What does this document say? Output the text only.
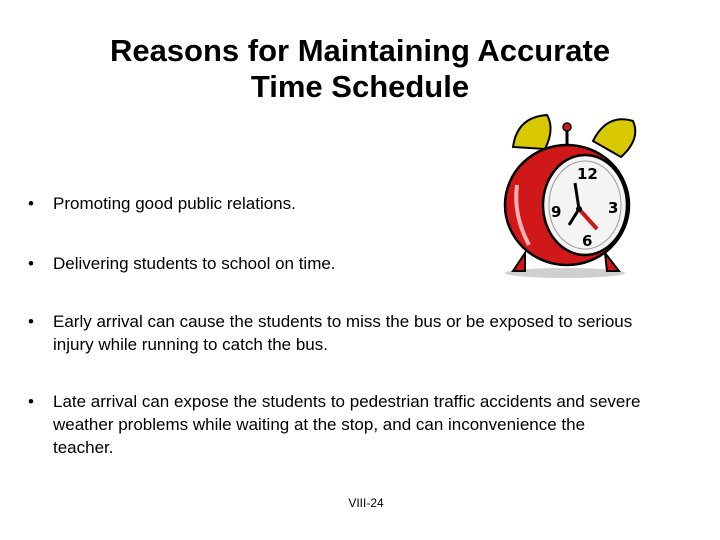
Reasons for Maintaining Accurate
Time Schedule
•	Promoting good public relations.
•	Delivering students to school on time.
•	Early arrival can cause the students to miss the bus or be exposed to serious injury while running to catch the bus.
•	Late arrival can expose the students to pedestrian traffic accidents and severe weather problems while waiting at the stop, and can inconvenience the teacher.
12
3
6
9
VIII-24
